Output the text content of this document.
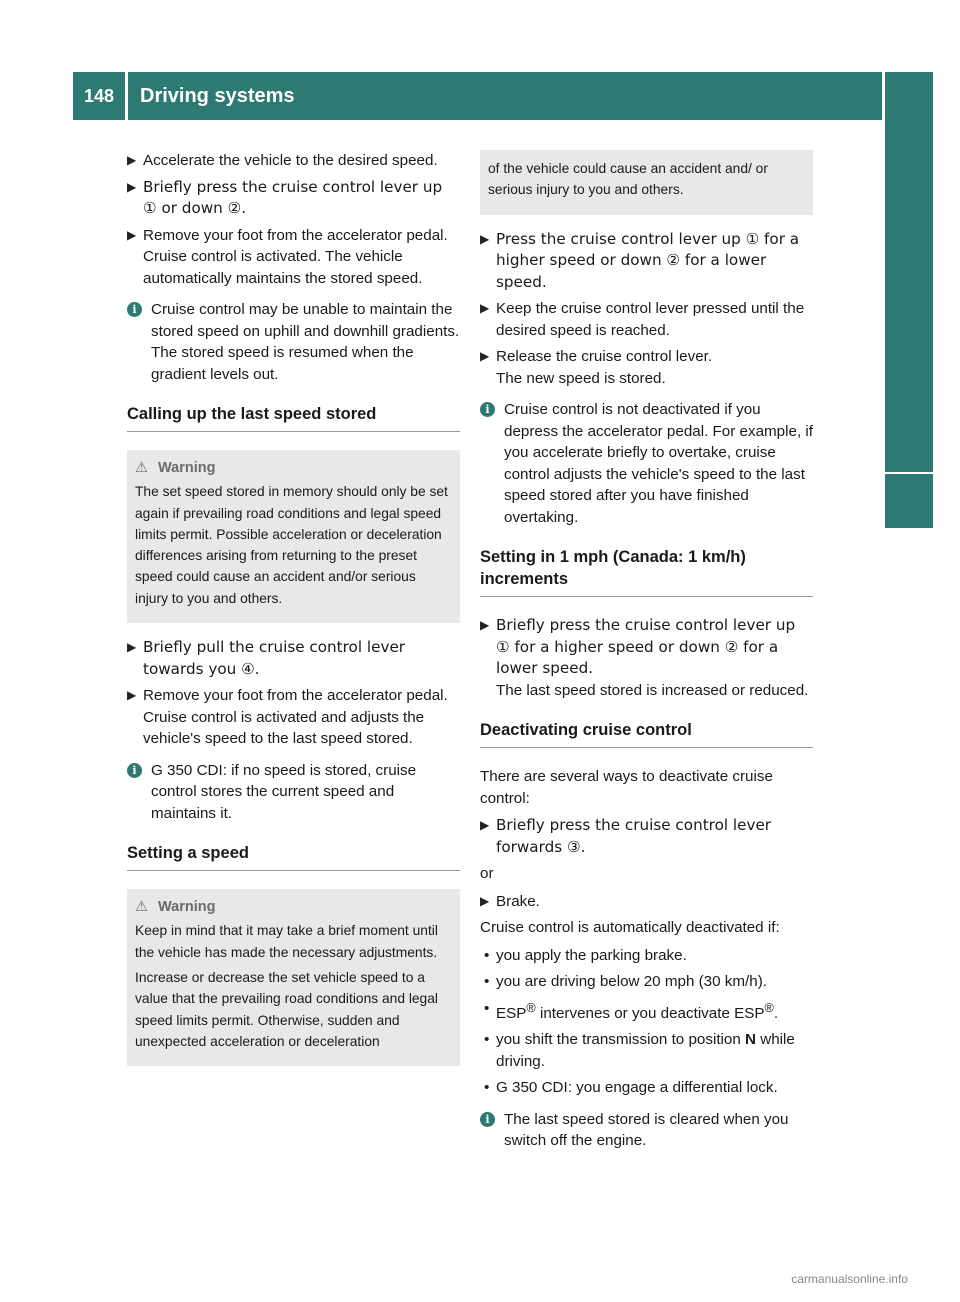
148	Driving systems
Driving and parking
▶ Accelerate the vehicle to the desired speed.
▶ Briefly press the cruise control lever up ① or down ②.
▶ Remove your foot from the accelerator pedal.
Cruise control is activated. The vehicle automatically maintains the stored speed.
i Cruise control may be unable to maintain the stored speed on uphill and downhill gradients. The stored speed is resumed when the gradient levels out.
Calling up the last speed stored
⚠ Warning

The set speed stored in memory should only be set again if prevailing road conditions and legal speed limits permit. Possible acceleration or deceleration differences arising from returning to the preset speed could cause an accident and/or serious injury to you and others.

▶ Briefly pull the cruise control lever towards you ④.
▶ Remove your foot from the accelerator pedal.
Cruise control is activated and adjusts the vehicle's speed to the last speed stored.
i G 350 CDI: if no speed is stored, cruise control stores the current speed and maintains it.
Setting a speed
⚠ Warning

Keep in mind that it may take a brief moment until the vehicle has made the necessary adjustments.

Increase or decrease the set vehicle speed to a value that the prevailing road conditions and legal speed limits permit. Otherwise, sudden and unexpected acceleration or deceleration

of the vehicle could cause an accident and/ or serious injury to you and others.

▶ Press the cruise control lever up ① for a higher speed or down ② for a lower speed.
▶ Keep the cruise control lever pressed until the desired speed is reached.
▶ Release the cruise control lever.
The new speed is stored.
i Cruise control is not deactivated if you depress the accelerator pedal. For example, if you accelerate briefly to overtake, cruise control adjusts the vehicle's speed to the last speed stored after you have finished overtaking.
Setting in 1 mph (Canada: 1 km/h) increments
▶ Briefly press the cruise control lever up ① for a higher speed or down ② for a lower speed.
The last speed stored is increased or reduced.
Deactivating cruise control
There are several ways to deactivate cruise control:
▶ Briefly press the cruise control lever forwards ③.
or
▶ Brake.
Cruise control is automatically deactivated if:
• you apply the parking brake.
• you are driving below 20 mph (30 km/h).
• ESP® intervenes or you deactivate ESP®.
• you shift the transmission to position N while driving.
• G 350 CDI: you engage a differential lock.
i The last speed stored is cleared when you switch off the engine.
carmanualsonline.info
